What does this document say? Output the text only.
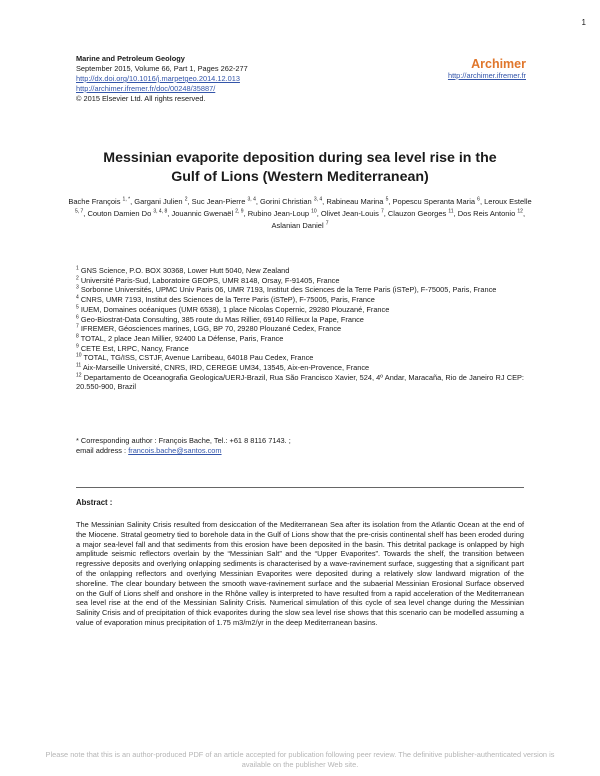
1
Marine and Petroleum Geology
September 2015, Volume 66, Part 1, Pages 262-277
http://dx.doi.org/10.1016/j.marpetgeo.2014.12.013
http://archimer.ifremer.fr/doc/00248/35887/
© 2015 Elsevier Ltd. All rights reserved.
Archimer
http://archimer.ifremer.fr
Messinian evaporite deposition during sea level rise in the
Gulf of Lions (Western Mediterranean)
Bache François $^{1, *}$, Gargani Julien $^2$, Suc Jean-Pierre $^{3, 4}$, Gorini Christian $^{3, 4}$, Rabineau Marina $^5$, Popescu Speranta Maria $^6$, Leroux Estelle $^{5, 7}$, Couton Damien Do $^{3, 4, 8}$, Jouannic Gwenaël $^{2, 9}$, Rubino Jean-Loup $^{10}$, Olivet Jean-Louis $^7$, Clauzon Georges $^{11}$, Dos Reis Antonio $^{12}$, Aslanian Daniel $^7$

$^1$ GNS Science, P.O. BOX 30368, Lower Hutt 5040, New Zealand

$^2$ Université Paris-Sud, Laboratoire GEOPS, UMR 8148, Orsay, F-91405, France

$^3$ Sorbonne Universités, UPMC Univ Paris 06, UMR 7193, Institut des Sciences de la Terre Paris (iSTeP), F-75005, Paris, France

$^4$ CNRS, UMR 7193, Institut des Sciences de la Terre Paris (iSTeP), F-75005, Paris, France

$^5$ IUEM, Domaines océaniques (UMR 6538), 1 place Nicolas Copernic, 29280 Plouzané, France

$^6$ Geo-Biostrat-Data Consulting, 385 route du Mas Rillier, 69140 Rillieux la Pape, France

$^7$ IFREMER, Géosciences marines, LGG, BP 70, 29280 Plouzané Cedex, France

$^8$ TOTAL, 2 place Jean Millier, 92400 La Défense, Paris, France

$^9$ CETE Est, LRPC, Nancy, France

$^{10}$ TOTAL, TG/ISS, CSTJF, Avenue Larribeau, 64018 Pau Cedex, France

$^{11}$ Aix-Marseille Université, CNRS, IRD, CEREGE UM34, 13545, Aix-en-Provence, France

$^{12}$ Departamento de Oceanografia Geologica/UERJ-Brazil, Rua São Francisco Xavier, 524, 4º Andar, Maracaña, Rio de Janeiro RJ CEP: 20.550-900, Brazil

* Corresponding author : François Bache, Tel.: +61 8 8116 7143. ;
email address : francois.bache@santos.com
Abstract :
The Messinian Salinity Crisis resulted from desiccation of the Mediterranean Sea after its isolation from the Atlantic Ocean at the end of the Miocene. Stratal geometry tied to borehole data in the Gulf of Lions show that the pre-crisis continental shelf has been eroded during a major sea-level fall and that sediments from this erosion have been deposited in the basin. This detrital package is onlapped by high amplitude seismic reflectors overlain by the “Messinian Salt” and the “Upper Evaporites”. Towards the shelf, the transition between regressive deposits and overlying onlapping sediments is characterised by a wave-ravinement surface, suggesting that a significant part of the onlapping reflectors and overlying Messinian Evaporites were deposited during a relatively slow landward migration of the shoreline. The clear boundary between the smooth wave-ravinement surface and the subaerial Messinian Erosional Surface observed on the Gulf of Lions shelf and onshore in the Rhône valley is interpreted to have resulted from a rapid acceleration of the Mediterranean sea level rise at the end of the Messinian Salinity Crisis. Numerical simulation of this cycle of sea level change during the Messinian Salinity Crisis and of precipitation of thick evaporites during the slow sea level rise shows that this scenario can be modelled assuming a value of evaporation minus precipitation of 1.75 m3/m2/yr in the deep Mediterranean basins.
Please note that this is an author-produced PDF of an article accepted for publication following peer review. The definitive publisher-authenticated version is available on the publisher Web site.
